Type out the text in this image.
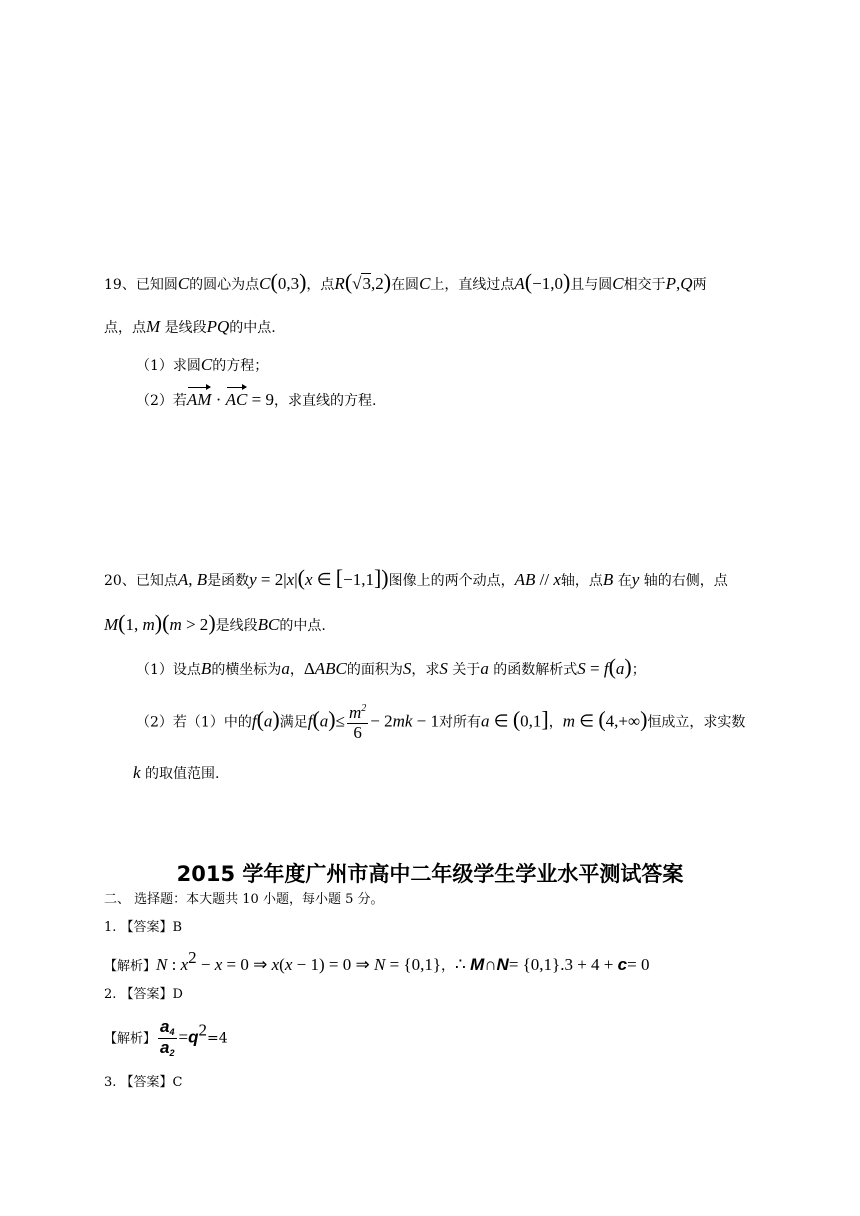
19、已知圆C的圆心为点C(0,3)，点R(√3,2)在圆C上，直线过点A(−1,0)且与圆C相交于P,Q两
点，点M 是线段PQ的中点.
（1）求圆C的方程；
（2）若AM · AC = 9，求直线的方程.
20、已知点A, B是函数y = 2|x|(x ∈ [−1,1])图像上的两个动点，AB // x轴，点B 在y 轴的右侧，点
M(1, m)(m > 2)是线段BC的中点.
（1）设点B的横坐标为a，ΔABC的面积为S，求S 关于a 的函数解析式S = f(a)；
（2）若（1）中的f(a)满足$f(a)\le \frac{m^2}{6} - 2mk - 1$对所有a ∈ (0,1]，m ∈ (4,+∞)恒成立，求实数
k 的取值范围.
2015 学年度广州市高中二年级学生学业水平测试答案
二、 选择题：本大题共 10 小题，每小题 5 分。
1. 【答案】B
【解析】N : $x^2 - x = 0$ ⇒ x(x − 1) = 0 ⇒ N = {0,1}，∴ M∩N= {0,1}.3 + 4 + c= 0
2. 【答案】D
【解析】 $\frac{a_4}{a_2} =q^2=4$
3. 【答案】C
